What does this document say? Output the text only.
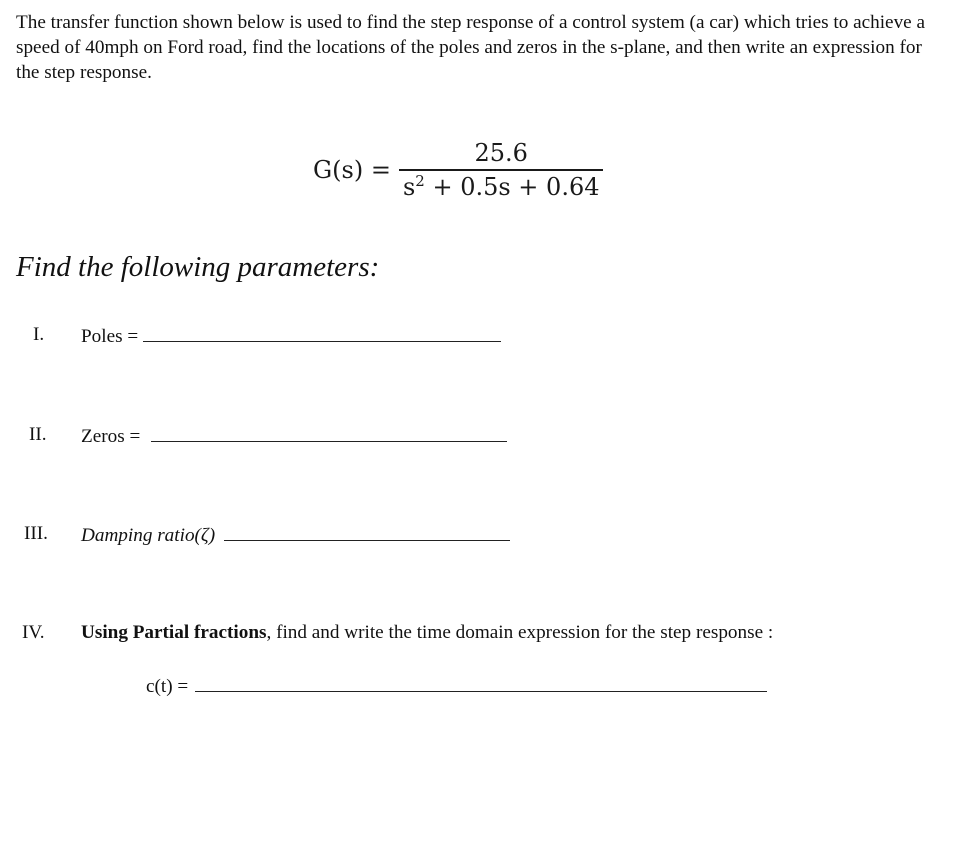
The transfer function shown below is used to find the step response of a control system (a car) which tries to achieve a speed of 40mph on Ford road, find the locations of the poles and zeros in the s-plane, and then write an expression for the step response.
$G(s) = \frac{25.6}{s^2 + 0.5s + 0.64}$
Find the following parameters:
I. Poles =
II. Zeros =
III. Damping ratio(ζ)
IV. Using Partial fractions, find and write the time domain expression for the step response :
c(t) =
